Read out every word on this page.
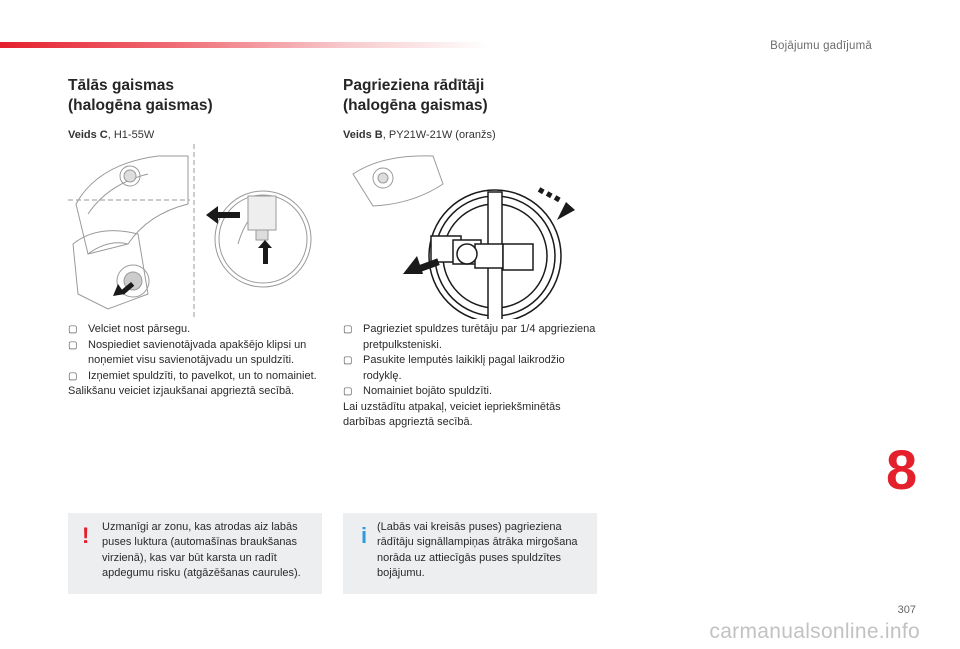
Bojājumu gadījumā
Tālās gaismas
(halogēna gaismas)
Veids C, H1-55W
▢ Velciet nost pārsegu.
▢ Nospiediet savienotājvada apakšējo klipsi un noņemiet visu savienotājvadu un spuldzīti.
▢ Izņemiet spuldzīti, to pavelkot, un to nomainiet.
Salikšanu veiciet izjaukšanai apgrieztā secībā.
! Uzmanīgi ar zonu, kas atrodas aiz labās puses luktura (automašīnas braukšanas virzienā), kas var būt karsta un radīt apdegumu risku (atgāzēšanas caurules).
Pagrieziena rādītāji
(halogēna gaismas)
Veids B, PY21W-21W (oranžs)
▢ Pagrieziet spuldzes turētāju par 1/4 apgrieziena pretpulksteniski.
▢ Pasukite lemputės laikiklį pagal laikrodžio rodyklę.
▢ Nomainiet bojāto spuldzīti.
Lai uzstādītu atpakaļ, veiciet iepriekšminētās darbības apgrieztā secībā.
i (Labās vai kreisās puses) pagrieziena rādītāju signāllampiņas ātrāka mirgošana norāda uz attiecīgās puses spuldzītes bojājumu.
8
307
carmanualsonline.info
